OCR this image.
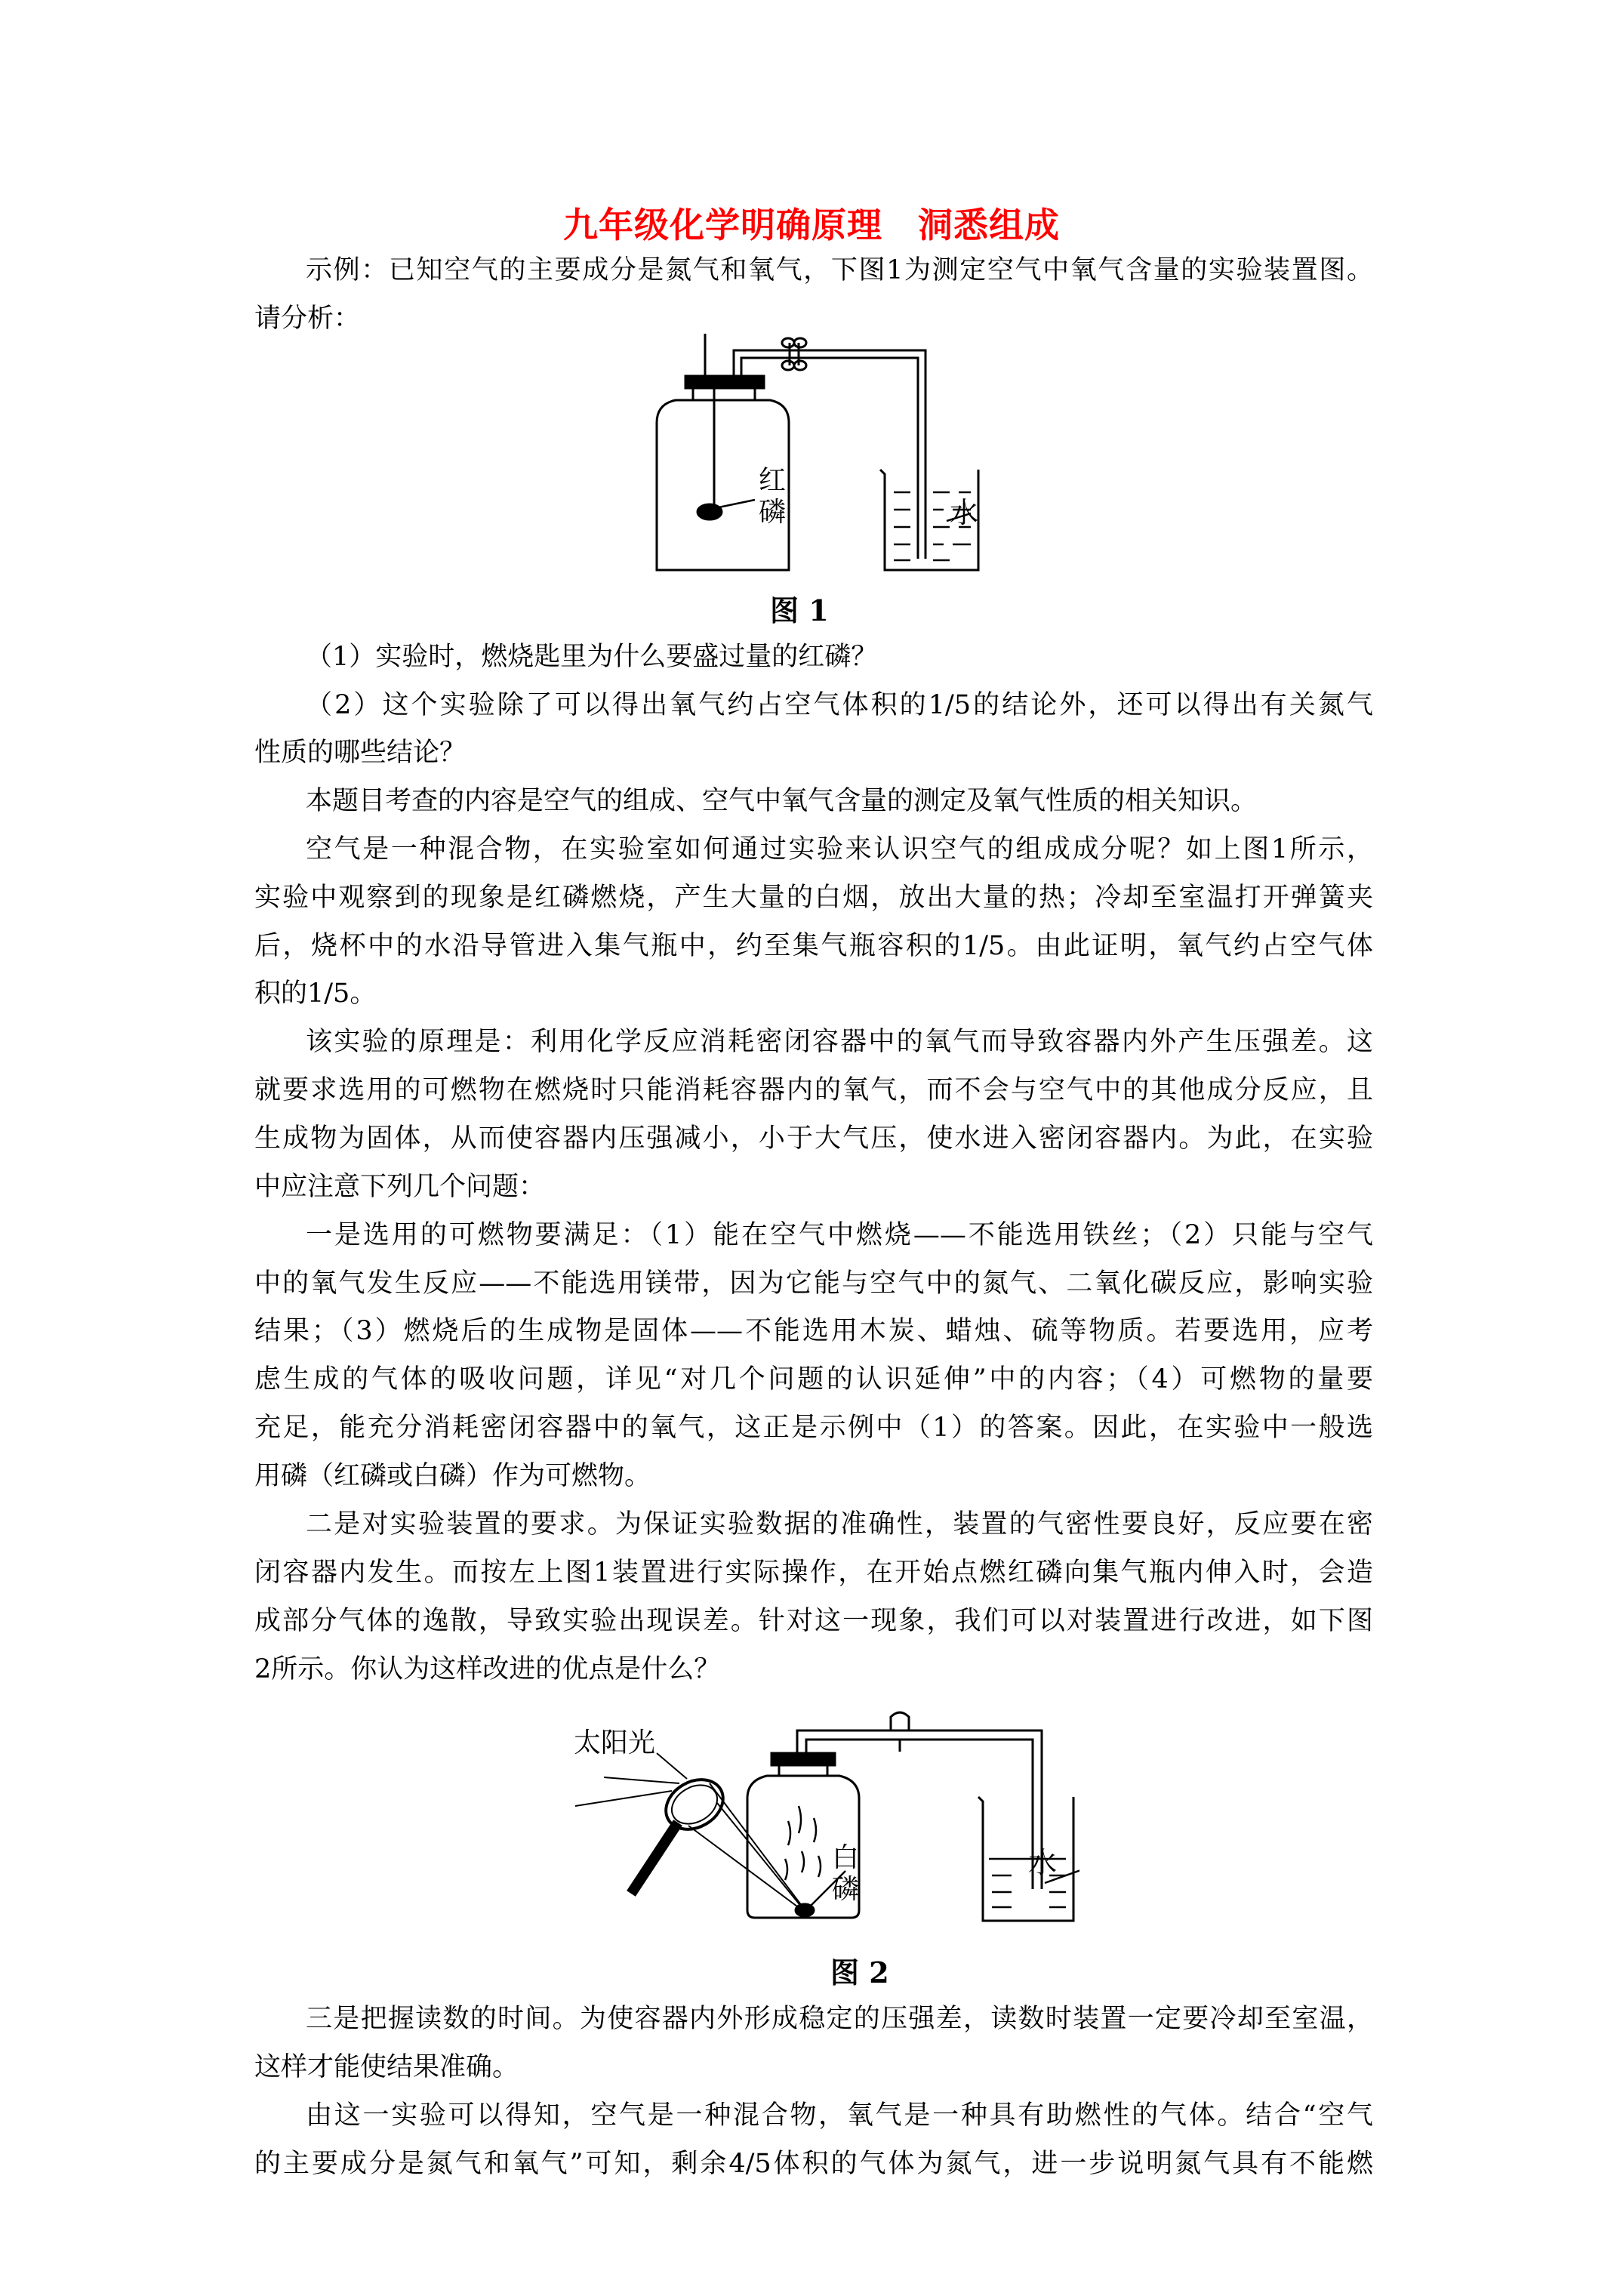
九年级化学明确原理　洞悉组成
示例：已知空气的主要成分是氮气和氧气，下图1为测定空气中氧气含量的实验装置图。
请分析：
红
磷	水
图 1
（1）实验时，燃烧匙里为什么要盛过量的红磷？
（2）这个实验除了可以得出氧气约占空气体积的1/5的结论外，还可以得出有关氮气
性质的哪些结论？
本题目考查的内容是空气的组成、空气中氧气含量的测定及氧气性质的相关知识。
空气是一种混合物，在实验室如何通过实验来认识空气的组成成分呢？如上图1所示，
实验中观察到的现象是红磷燃烧，产生大量的白烟，放出大量的热；冷却至室温打开弹簧夹
后，烧杯中的水沿导管进入集气瓶中，约至集气瓶容积的1/5。由此证明，氧气约占空气体
积的1/5。
该实验的原理是：利用化学反应消耗密闭容器中的氧气而导致容器内外产生压强差。这
就要求选用的可燃物在燃烧时只能消耗容器内的氧气，而不会与空气中的其他成分反应，且
生成物为固体，从而使容器内压强减小，小于大气压，使水进入密闭容器内。为此，在实验
中应注意下列几个问题：
一是选用的可燃物要满足：（1）能在空气中燃烧——不能选用铁丝；（2）只能与空气
中的氧气发生反应——不能选用镁带，因为它能与空气中的氮气、二氧化碳反应，影响实验
结果；（3）燃烧后的生成物是固体——不能选用木炭、蜡烛、硫等物质。若要选用，应考
虑生成的气体的吸收问题，详见“对几个问题的认识延伸”中的内容；（4）可燃物的量要
充足，能充分消耗密闭容器中的氧气，这正是示例中（1）的答案。因此，在实验中一般选
用磷（红磷或白磷）作为可燃物。
二是对实验装置的要求。为保证实验数据的准确性，装置的气密性要良好，反应要在密
闭容器内发生。而按左上图1装置进行实际操作，在开始点燃红磷向集气瓶内伸入时，会造
成部分气体的逸散，导致实验出现误差。针对这一现象，我们可以对装置进行改进，如下图
2所示。你认为这样改进的优点是什么？
太阳光
白
磷
水
图 2
三是把握读数的时间。为使容器内外形成稳定的压强差，读数时装置一定要冷却至室温，
这样才能使结果准确。
由这一实验可以得知，空气是一种混合物，氧气是一种具有助燃性的气体。结合“空气
的主要成分是氮气和氧气”可知，剩余4/5体积的气体为氮气，进一步说明氮气具有不能燃
